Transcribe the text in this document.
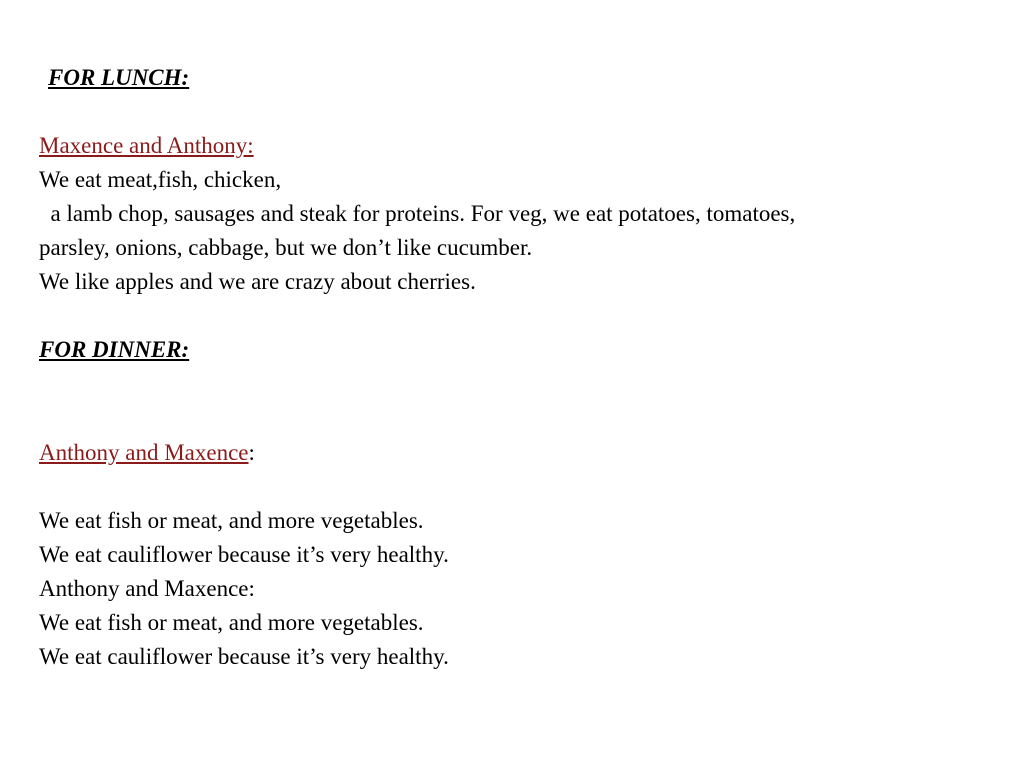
FOR LUNCH:
Maxence and Anthony:
We eat meat,fish, chicken,
a lamb chop, sausages and steak for proteins. For veg, we eat potatoes, tomatoes,
parsley, onions, cabbage, but we don’t like cucumber.
We like apples and we are crazy about cherries.
FOR DINNER:
Anthony and Maxence:
We eat fish or meat, and more vegetables.
We eat cauliflower because it’s very healthy.
Anthony and Maxence:
We eat fish or meat, and more vegetables.
We eat cauliflower because it’s very healthy.
